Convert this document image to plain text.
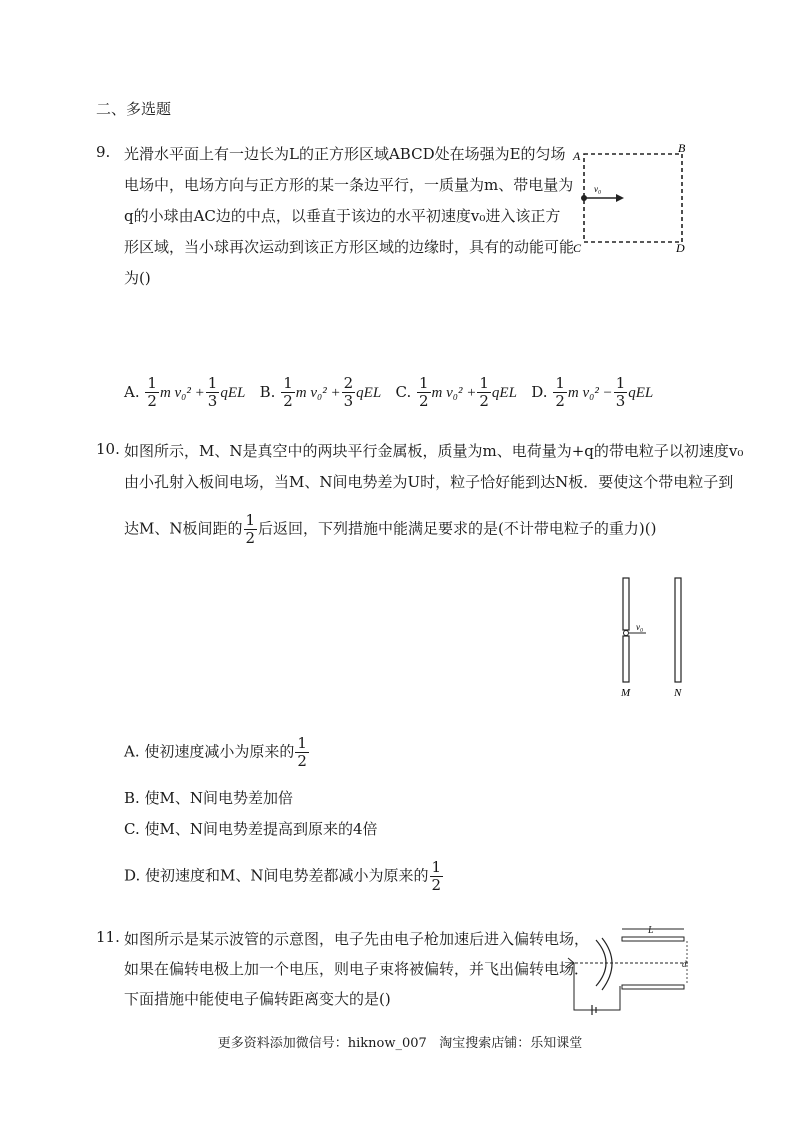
二、多选题
9. 光滑水平面上有一边长为L的正方形区域ABCD处在场强为E的匀场
电场中，电场方向与正方形的某一条边平行，一质量为m、带电量为
q的小球由AC边的中点，以垂直于该边的水平初速度v₀进入该正方
形区域，当小球再次运动到该正方形区域的边缘时，具有的动能可能
为()
A
B
C	D
v₀
A. $\frac{1}{2}$ m $v_0^2 + \frac{1}{3}$ qEL B. $\frac{1}{2}$ m $v_0^2 + \frac{2}{3}$ qEL C. $\frac{1}{2}$ m $v_0^2 + \frac{1}{2}$ qEL D. $\frac{1}{2}$ m $v_0^2 - \frac{1}{3}$ qEL
10. 如图所示，M、N是真空中的两块平行金属板，质量为m、电荷量为+q的带电粒子以初速度v₀
由小孔射入板间电场，当M、N间电势差为U时，粒子恰好能到达N板．要使这个带电粒子到
达M、N板间距的 $\frac{1}{2}$ 后返回，下列措施中能满足要求的是(不计带电粒子的重力)()
v₀
M	N
A. 使初速度减小为原来的 $\frac{1}{2}$
B. 使M、N间电势差加倍
C. 使M、N间电势差提高到原来的4倍
D. 使初速度和M、N间电势差都减小为原来的 $\frac{1}{2}$
11. 如图所示是某示波管的示意图，电子先由电子枪加速后进入偏转电场，
如果在偏转电极上加一个电压，则电子束将被偏转，并飞出偏转电场．
下面措施中能使电子偏转距离变大的是()
L
d
更多资料添加微信号：hiknow_007   淘宝搜索店铺：乐知课堂
